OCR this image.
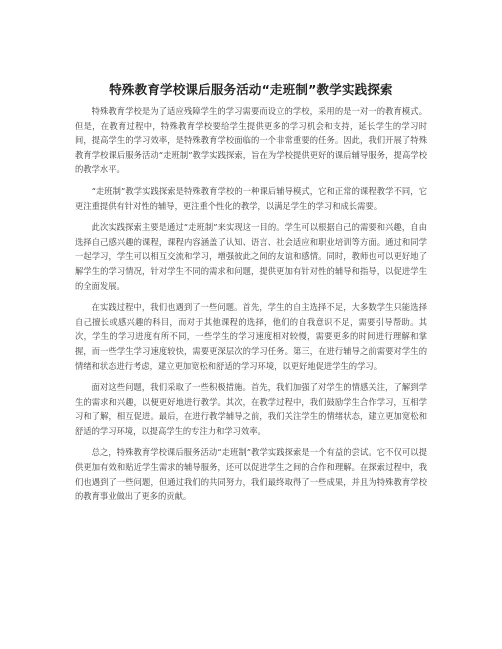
特殊教育学校课后服务活动“走班制”教学实践探索

特殊教育学校是为了适应残障学生的学习需要而设立的学校，采用的是一对一的教育模式。但是，在教育过程中，特殊教育学校要给学生提供更多的学习机会和支持，延长学生的学习时间，提高学生的学习效率，是特殊教育学校面临的一个非常重要的任务。因此，我们开展了特殊教育学校课后服务活动“走班制”教学实践探索，旨在为学校提供更好的课后辅导服务，提高学校的教学水平。

“走班制”教学实践探索是特殊教育学校的一种课后辅导模式，它和正常的课程教学不同，它更注重提供有针对性的辅导，更注重个性化的教学，以满足学生的学习和成长需要。

此次实践探索主要是通过“走班制”来实现这一目的。学生可以根据自己的需要和兴趣，自由选择自己感兴趣的课程，课程内容涵盖了认知、语言、社会适应和职业培训等方面。通过和同学一起学习，学生可以相互交流和学习，增强彼此之间的友谊和感情。同时，教师也可以更好地了解学生的学习情况，针对学生不同的需求和问题，提供更加有针对性的辅导和指导，以促进学生的全面发展。

在实践过程中，我们也遇到了一些问题。首先，学生的自主选择不足，大多数学生只能选择自己擅长或感兴趣的科目，而对于其他课程的选择，他们的自我意识不足，需要引导帮助。其次，学生的学习进度有所不同，一些学生的学习速度相对较慢，需要更多的时间进行理解和掌握，而一些学生学习速度较快，需要更深层次的学习任务。第三，在进行辅导之前需要对学生的情绪和状态进行考虑，建立更加宽松和舒适的学习环境，以更好地促进学生的学习。

面对这些问题，我们采取了一些积极措施。首先，我们加强了对学生的情感关注，了解到学生的需求和兴趣，以便更好地进行教学。其次，在教学过程中，我们鼓励学生合作学习，互相学习和了解，相互促进。最后，在进行教学辅导之前，我们关注学生的情绪状态，建立更加宽松和舒适的学习环境，以提高学生的专注力和学习效率。

总之，特殊教育学校课后服务活动“走班制”教学实践探索是一个有益的尝试。它不仅可以提供更加有效和贴近学生需求的辅导服务，还可以促进学生之间的合作和理解。在探索过程中，我们也遇到了一些问题，但通过我们的共同努力，我们最终取得了一些成果，并且为特殊教育学校的教育事业做出了更多的贡献。
